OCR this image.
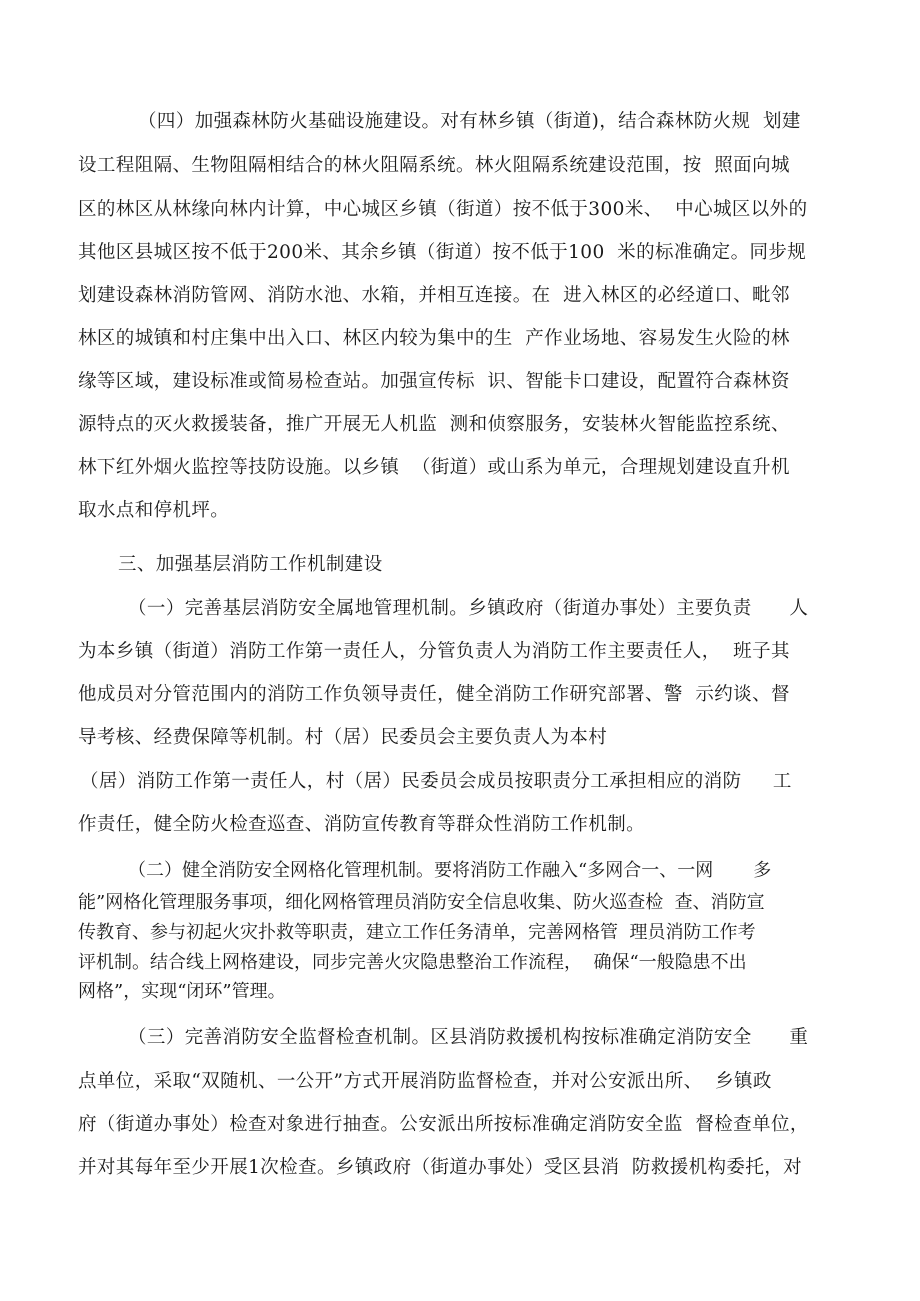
（四）加强森林防火基础设施建设。对有林乡镇（街道)，结合森林防火规  划建
设工程阻隔、生物阻隔相结合的林火阻隔系统。林火阻隔系统建设范围，按  照面向城
区的林区从林缘向林内计算，中心城区乡镇（街道）按不低于300米、  中心城区以外的
其他区县城区按不低于200米、其余乡镇（街道）按不低于100  米的标准确定。同步规
划建设森林消防管网、消防水池、水箱，并相互连接。在  进入林区的必经道口、毗邻
林区的城镇和村庄集中出入口、林区内较为集中的生  产作业场地、容易发生火险的林
缘等区域，建设标准或简易检查站。加强宣传标  识、智能卡口建设，配置符合森林资
源特点的灭火救援装备，推广开展无人机监  测和侦察服务，安装林火智能监控系统、
林下红外烟火监控等技防设施。以乡镇  （街道）或山系为单元，合理规划建设直升机
取水点和停机坪。
三、加强基层消防工作机制建设
（一）完善基层消防安全属地管理机制。乡镇政府（街道办事处）主要负责      人
为本乡镇（街道）消防工作第一责任人，分管负责人为消防工作主要责任人，  班子其
他成员对分管范围内的消防工作负领导责任，健全消防工作研究部署、警  示约谈、督
导考核、经费保障等机制。村（居）民委员会主要负责人为本村
（居）消防工作第一责任人，村（居）民委员会成员按职责分工承担相应的消防     工
作责任，健全防火检查巡查、消防宣传教育等群众性消防工作机制。
（二）健全消防安全网格化管理机制。要将消防工作融入“多网合一、一网       多
能”网格化管理服务事项，细化网格管理员消防安全信息收集、防火巡查检  查、消防宣
传教育、参与初起火灾扑救等职责，建立工作任务清单，完善网格管  理员消防工作考
评机制。结合线上网格建设，同步完善火灾隐患整治工作流程，  确保“一般隐患不出
网格”，实现“闭环”管理。
（三）完善消防安全监督检查机制。区县消防救援机构按标准确定消防安全      重
点单位，采取“双随机、一公开”方式开展消防监督检查，并对公安派出所、  乡镇政
府（街道办事处）检查对象进行抽查。公安派出所按标准确定消防安全监  督检查单位，
并对其每年至少开展1次检查。乡镇政府（街道办事处）受区县消  防救援机构委托，对
